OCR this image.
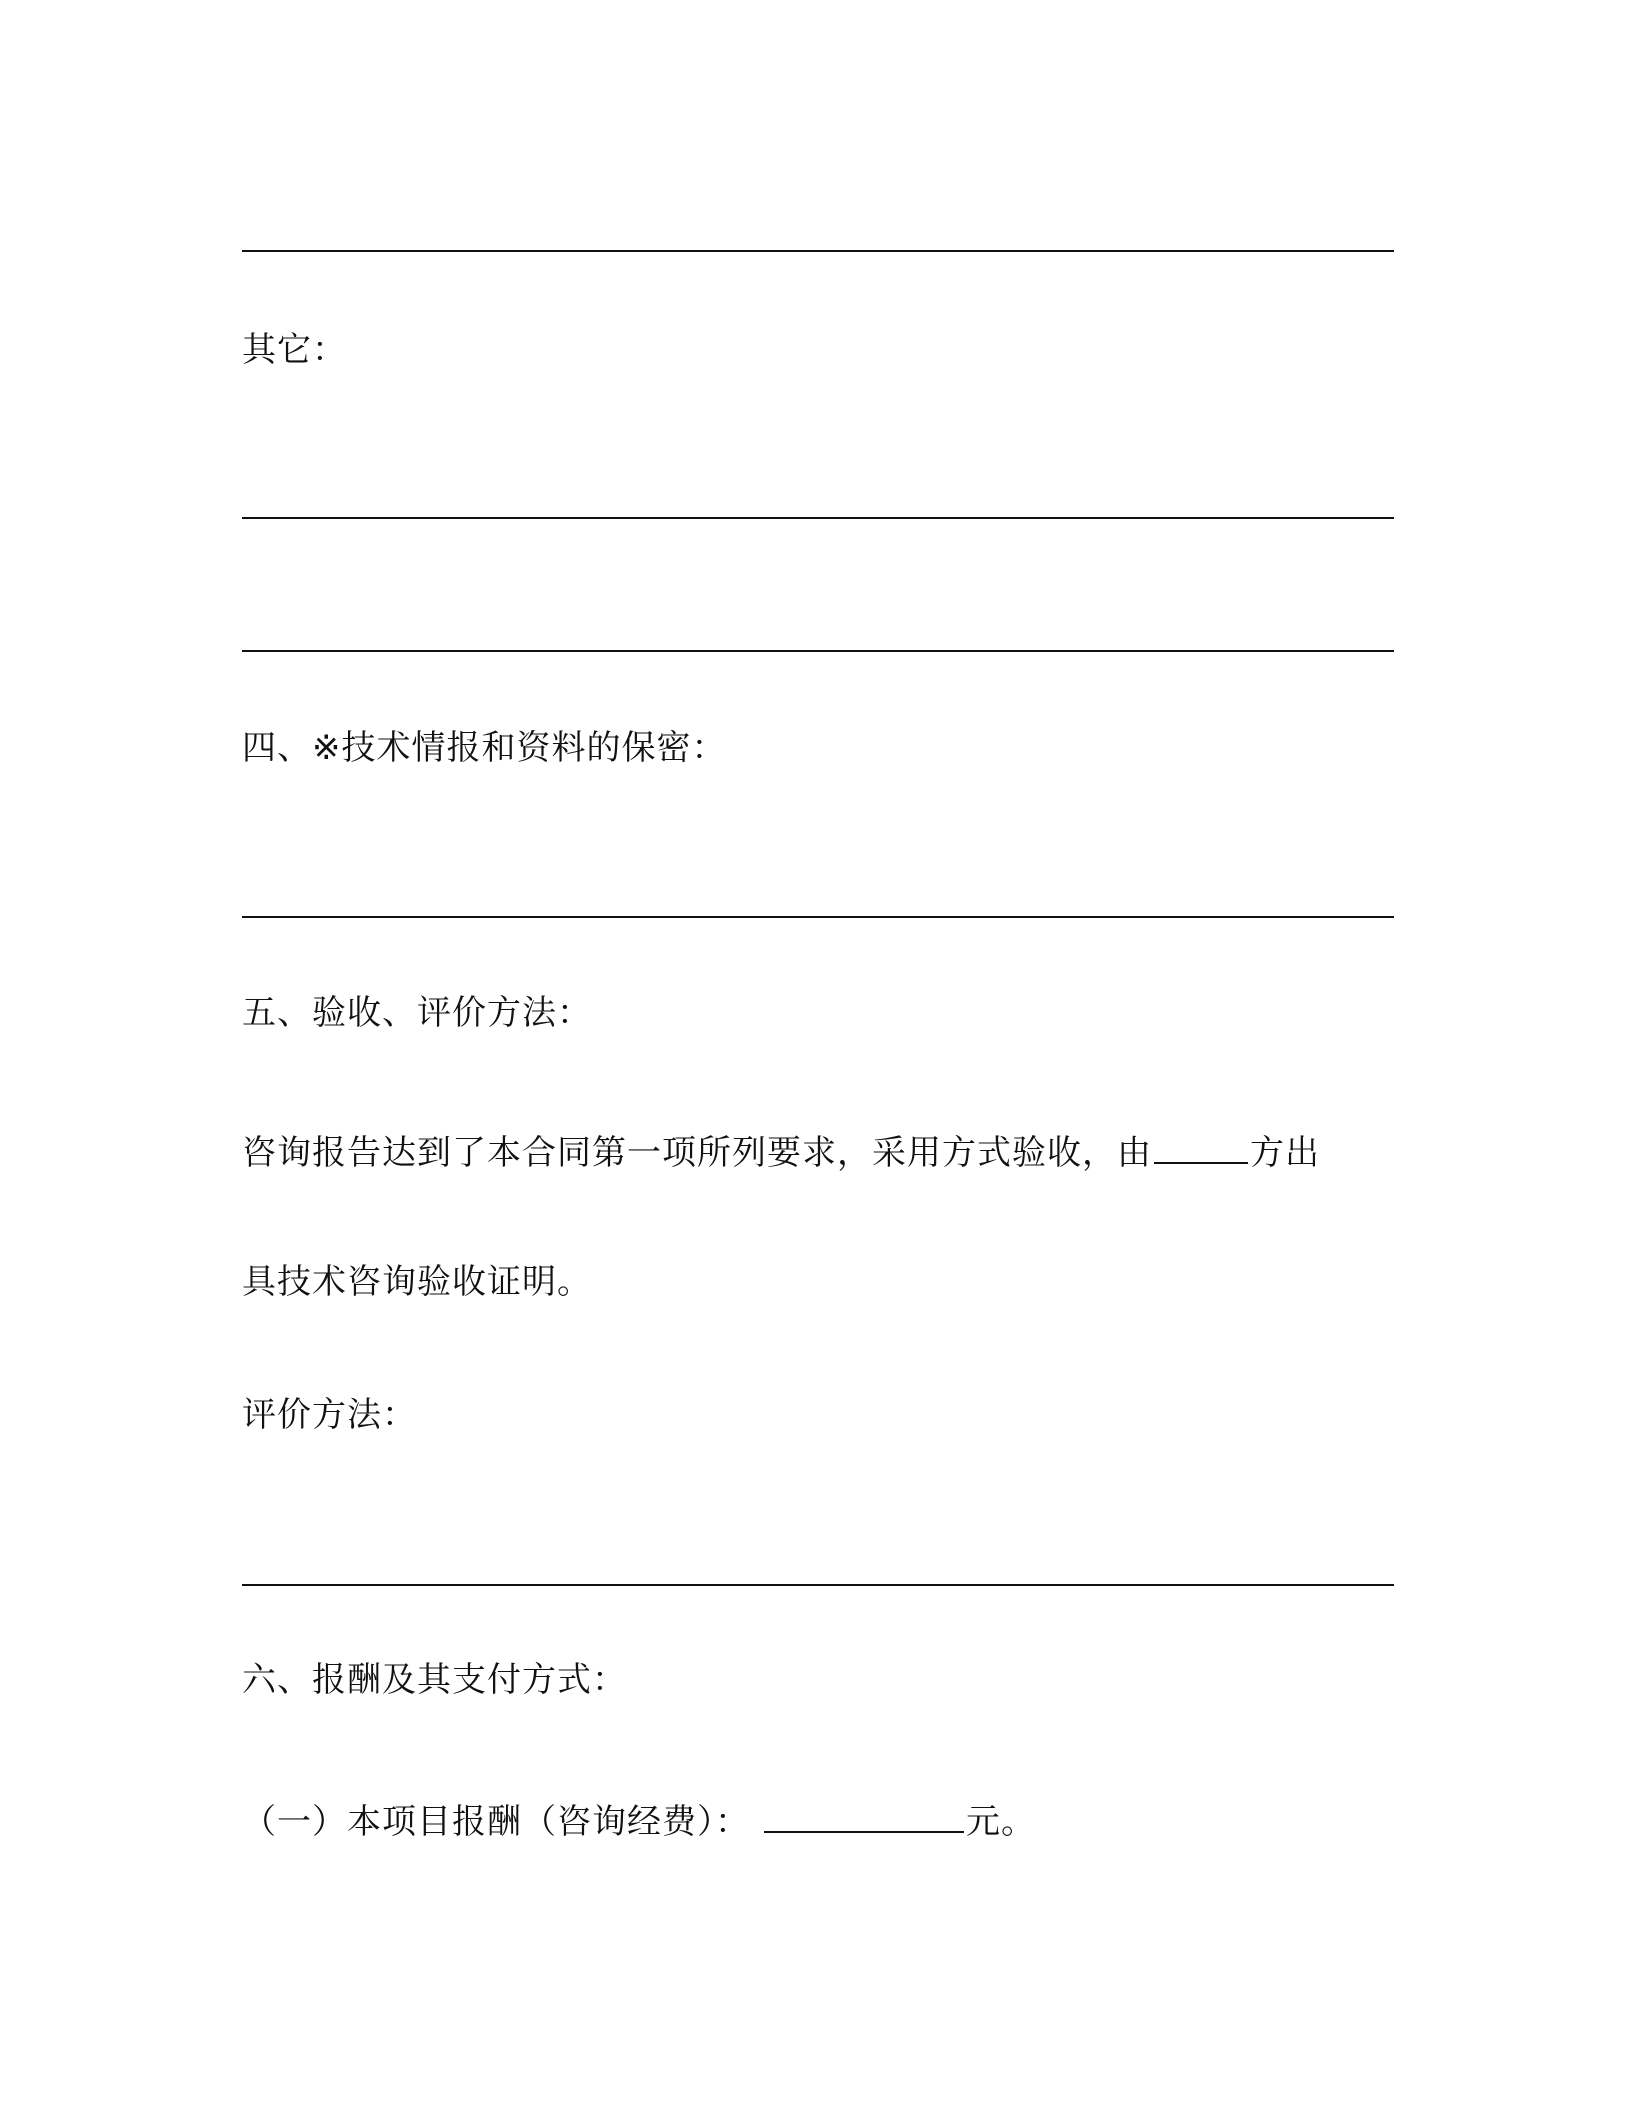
其它：
四、※技术情报和资料的保密：
五、验收、评价方法：
咨询报告达到了本合同第一项所列要求，采用方式验收，由	方出
具技术咨询验收证明。
评价方法：
六、报酬及其支付方式：
（一）本项目报酬（咨询经费）：	元。
